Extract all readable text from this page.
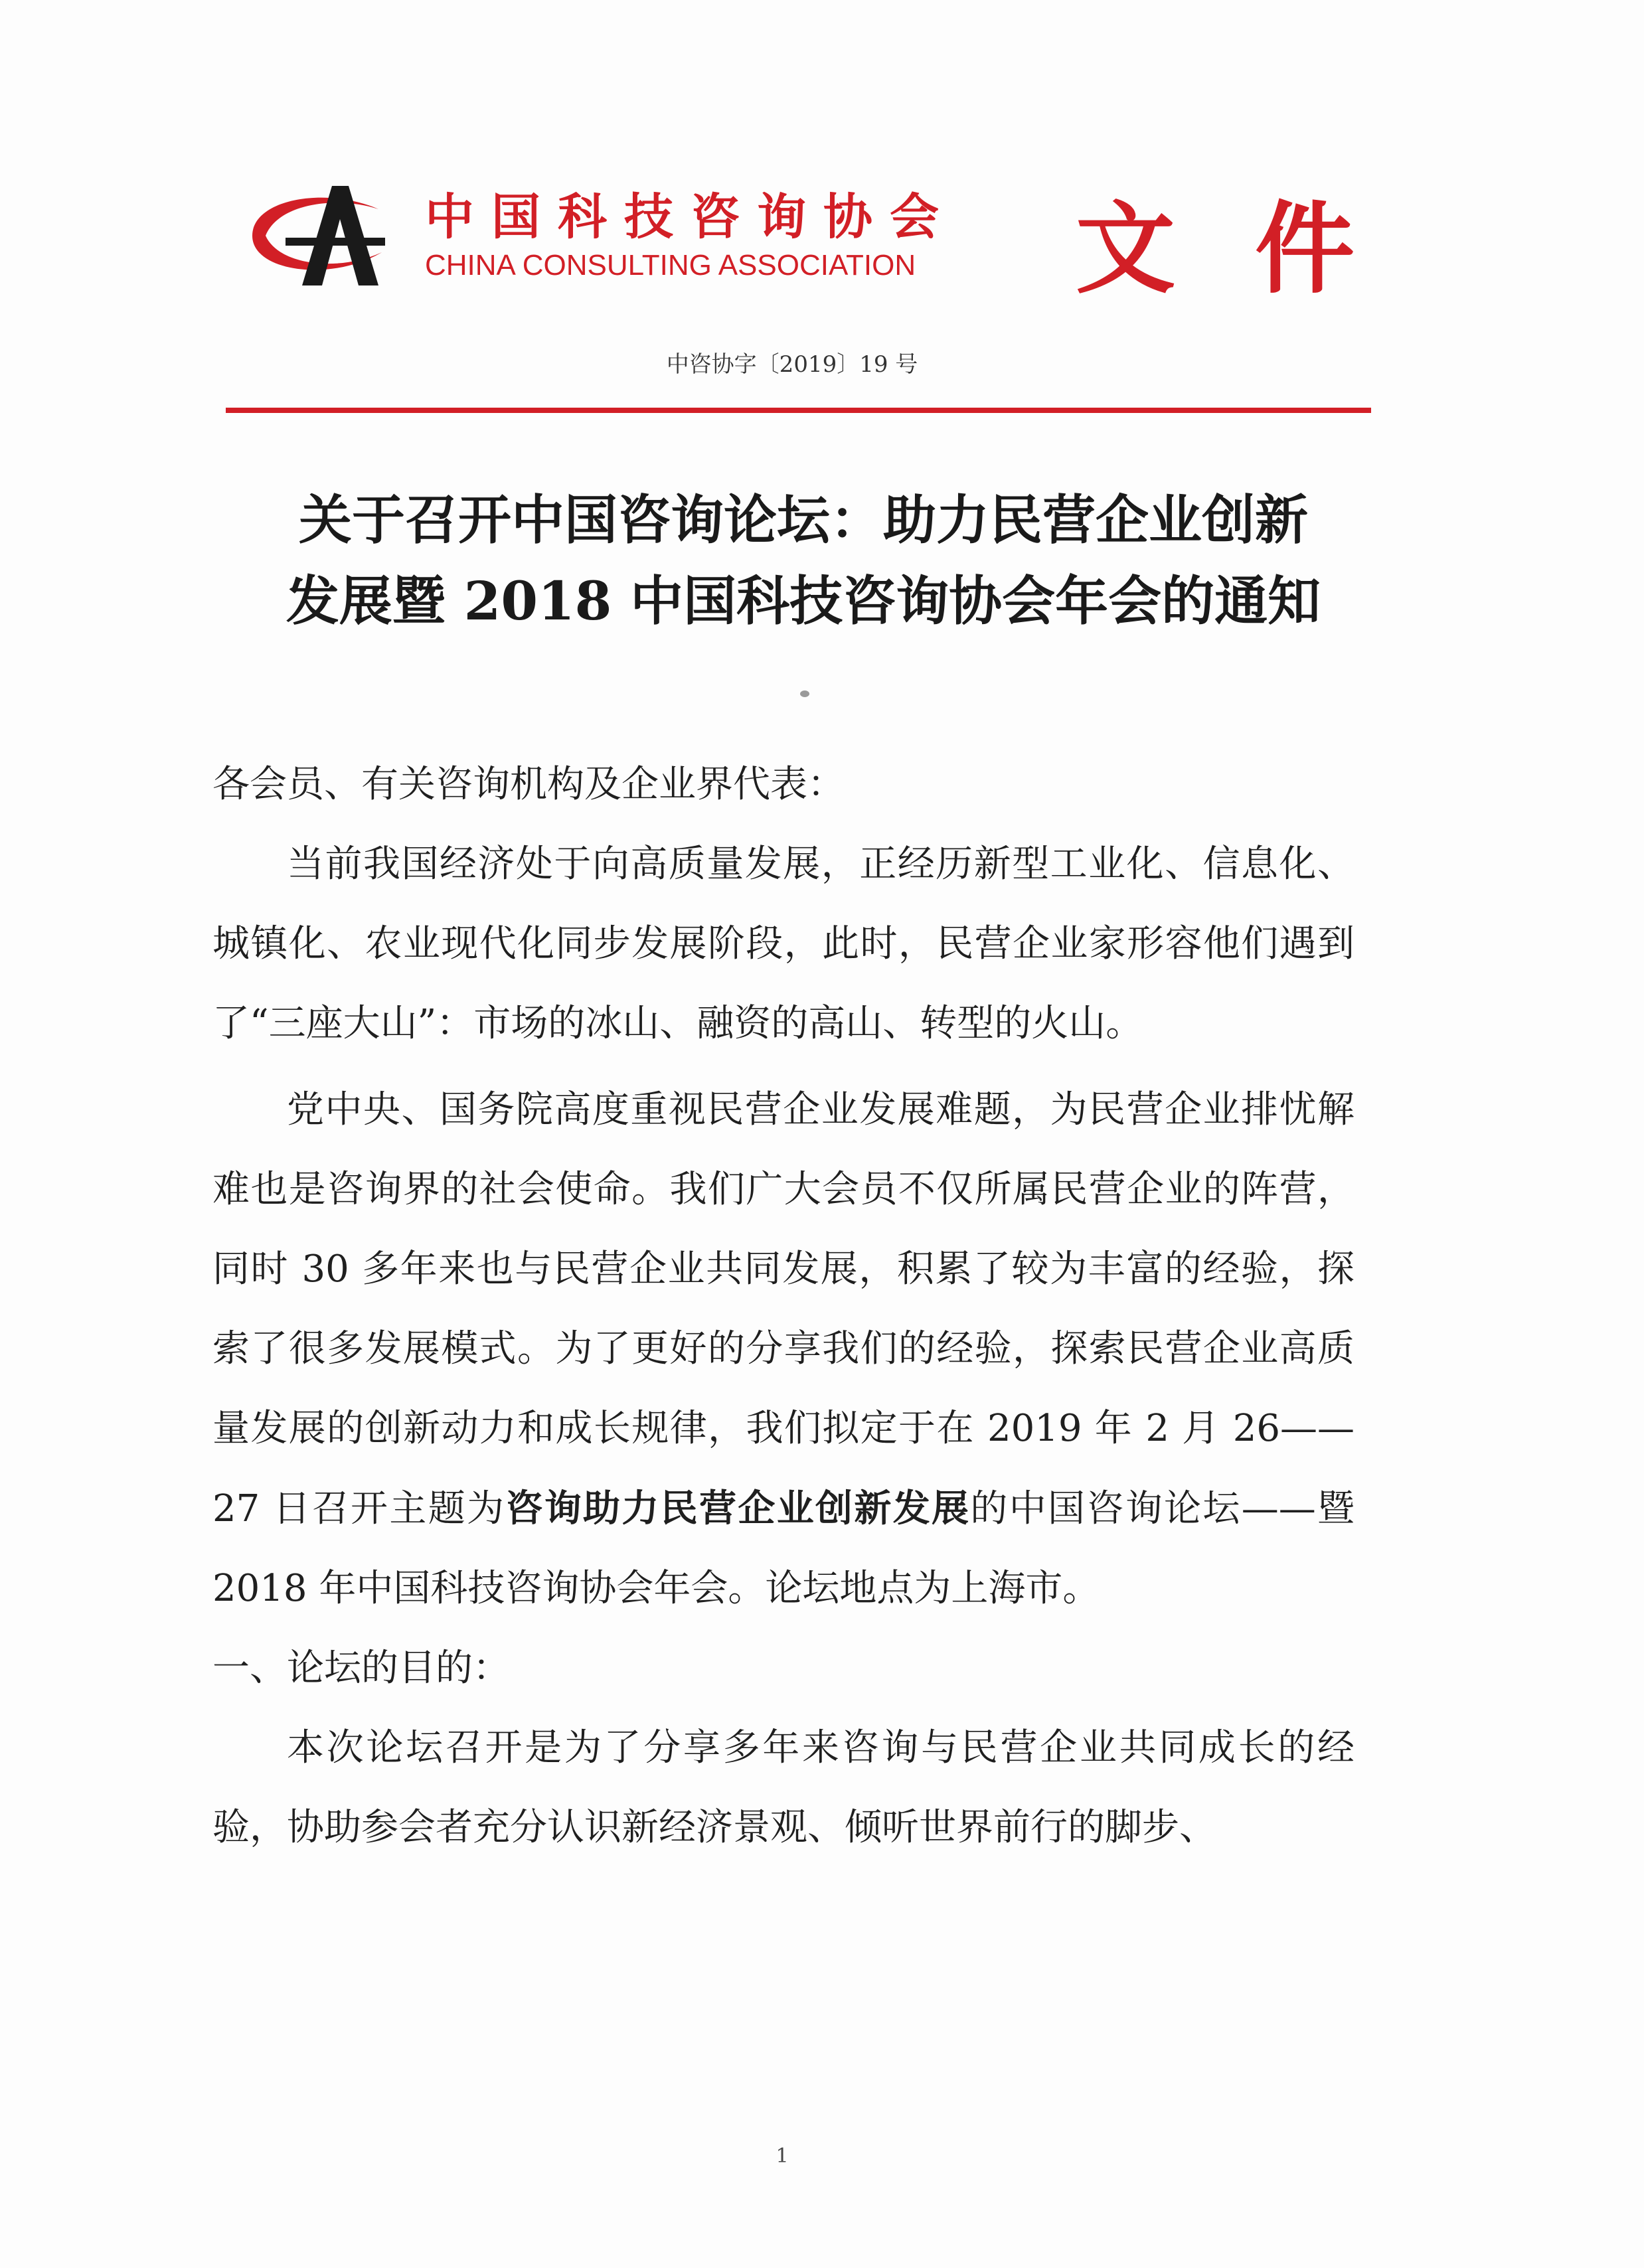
中国科技咨询协会
CHINA CONSULTING ASSOCIATION	文件
中咨协字〔2019〕19 号
关于召开中国咨询论坛：助力民营企业创新
发展暨 2018 中国科技咨询协会年会的通知

各会员、有关咨询机构及企业界代表：

当前我国经济处于向高质量发展，正经历新型工业化、信息化、城镇化、农业现代化同步发展阶段，此时，民营企业家形容他们遇到了“三座大山”：市场的冰山、融资的高山、转型的火山。

党中央、国务院高度重视民营企业发展难题，为民营企业排忧解难也是咨询界的社会使命。我们广大会员不仅所属民营企业的阵营，同时 30 多年来也与民营企业共同发展，积累了较为丰富的经验，探索了很多发展模式。为了更好的分享我们的经验，探索民营企业高质量发展的创新动力和成长规律，我们拟定于在 2019 年 2 月 26——27 日召开主题为咨询助力民营企业创新发展的中国咨询论坛——暨 2018 年中国科技咨询协会年会。论坛地点为上海市。

一、论坛的目的：

本次论坛召开是为了分享多年来咨询与民营企业共同成长的经验，协助参会者充分认识新经济景观、倾听世界前行的脚步、

1
